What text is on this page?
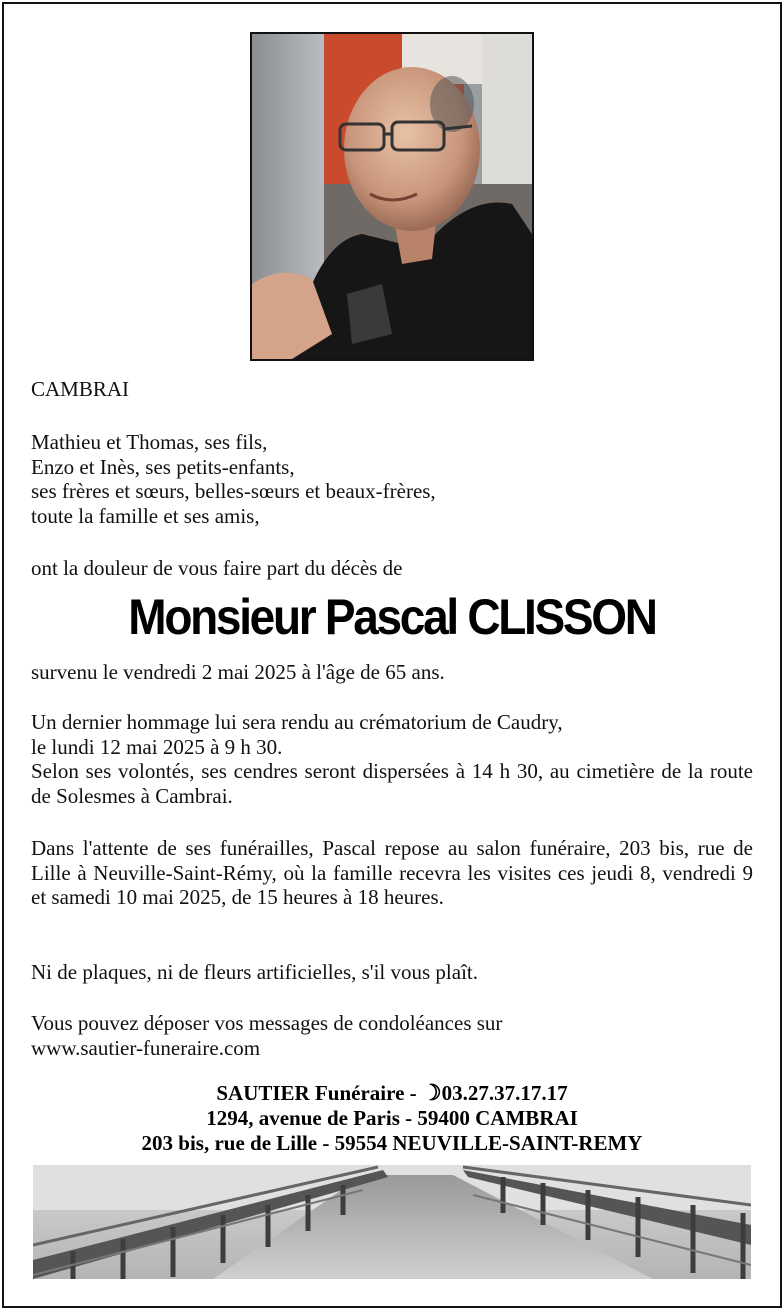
CAMBRAI
Mathieu et Thomas, ses fils,
Enzo et Inès, ses petits-enfants,
ses frères et sœurs, belles-sœurs et beaux-frères,
toute la famille et ses amis,
ont la douleur de vous faire part du décès de
Monsieur Pascal CLISSON
survenu le vendredi 2 mai 2025 à l'âge de 65 ans.
Un dernier hommage lui sera rendu au crématorium de Caudry,
le lundi 12 mai 2025 à 9 h 30.
Selon ses volontés, ses cendres seront dispersées à 14 h 30, au cimetière de la route de Solesmes à Cambrai.
Dans l'attente de ses funérailles, Pascal repose au salon funéraire, 203 bis, rue de Lille à Neuville-Saint-Rémy, où la famille recevra les visites ces jeudi 8, vendredi 9 et samedi 10 mai 2025, de 15 heures à 18 heures.
Ni de plaques, ni de fleurs artificielles, s'il vous plaît.
Vous pouvez déposer vos messages de condoléances sur
www.sautier-funeraire.com
SAUTIER Funéraire - ☽03.27.37.17.17
1294, avenue de Paris - 59400 CAMBRAI
203 bis, rue de Lille - 59554 NEUVILLE-SAINT-REMY
